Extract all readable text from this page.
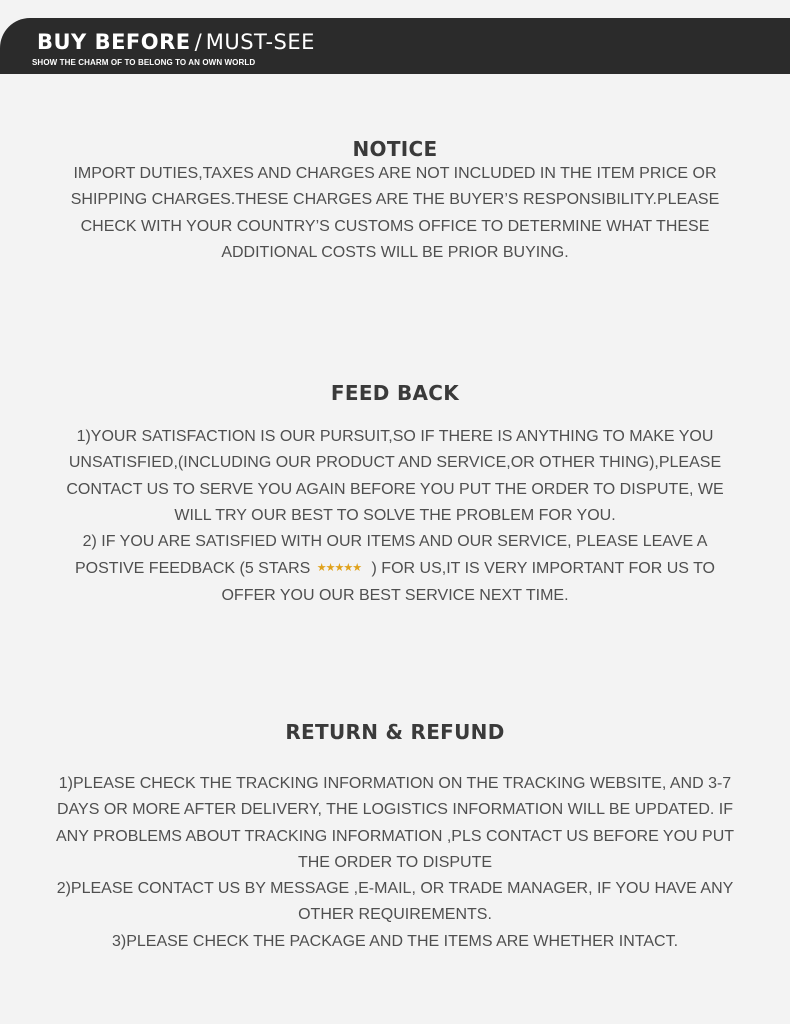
BUY BEFORE / MUST-SEE
SHOW THE CHARM OF TO BELONG TO AN OWN WORLD
NOTICE
IMPORT DUTIES,TAXES AND CHARGES ARE NOT INCLUDED IN THE ITEM PRICE OR
SHIPPING CHARGES.THESE CHARGES ARE THE BUYER’S RESPONSIBILITY.PLEASE
CHECK WITH YOUR COUNTRY’S CUSTOMS OFFICE TO DETERMINE WHAT THESE
ADDITIONAL COSTS WILL BE PRIOR BUYING.
FEED BACK
1)YOUR SATISFACTION IS OUR PURSUIT,SO IF THERE IS ANYTHING TO MAKE YOU
UNSATISFIED,(INCLUDING OUR PRODUCT AND SERVICE,OR OTHER THING),PLEASE
CONTACT US TO SERVE YOU AGAIN BEFORE YOU PUT THE ORDER TO DISPUTE, WE
WILL TRY OUR BEST TO SOLVE THE PROBLEM FOR YOU.
2) IF YOU ARE SATISFIED WITH OUR ITEMS AND OUR SERVICE, PLEASE LEAVE A
POSTIVE FEEDBACK (5 STARS ★★★★★ ) FOR US,IT IS VERY IMPORTANT FOR US TO
OFFER YOU OUR BEST SERVICE NEXT TIME.
RETURN & REFUND
1)PLEASE CHECK THE TRACKING INFORMATION ON THE TRACKING WEBSITE, AND 3-7
DAYS OR MORE AFTER DELIVERY, THE LOGISTICS INFORMATION WILL BE UPDATED. IF
ANY PROBLEMS ABOUT TRACKING INFORMATION ,PLS CONTACT US BEFORE YOU PUT
THE ORDER TO DISPUTE
2)PLEASE CONTACT US BY MESSAGE ,E-MAIL, OR TRADE MANAGER, IF YOU HAVE ANY
OTHER REQUIREMENTS.
3)PLEASE CHECK THE PACKAGE AND THE ITEMS ARE WHETHER INTACT.
